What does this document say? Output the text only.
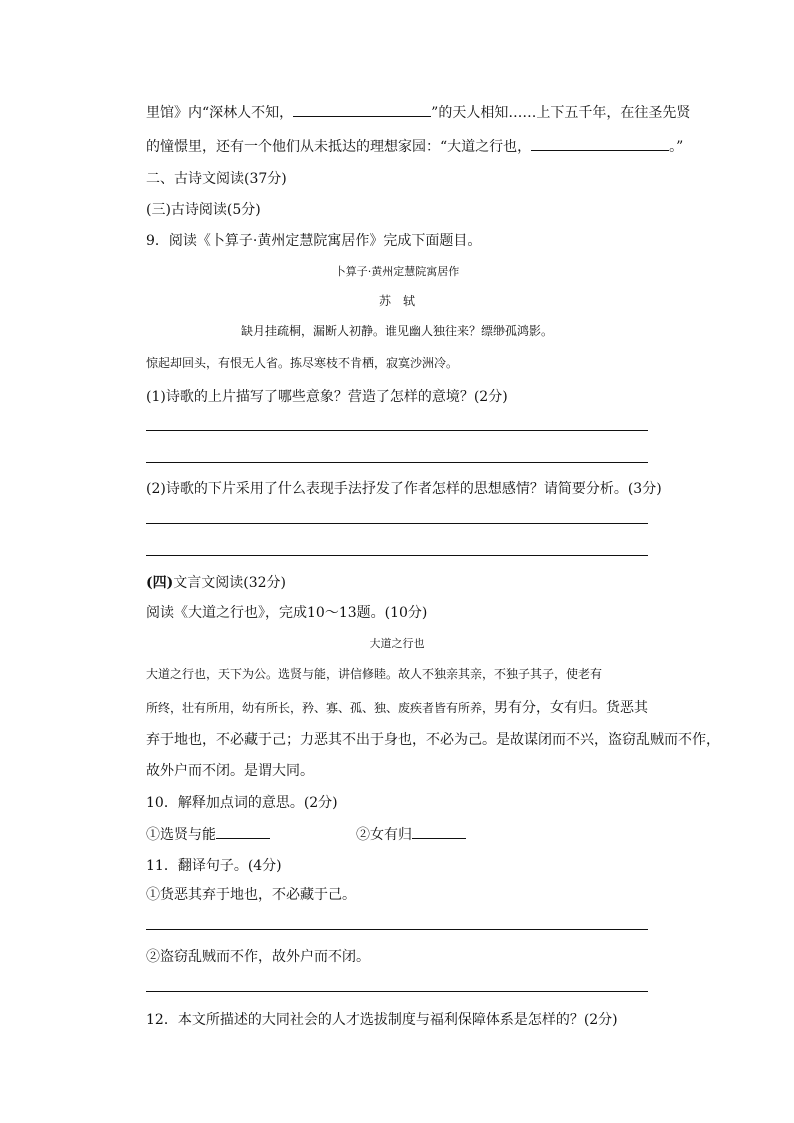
里馆》内“深林人不知，	”的天人相知……上下五千年，在往圣先贤
的憧憬里，还有一个他们从未抵达的理想家园：“大道之行也，	。”
二、古诗文阅读(37分)
(三)古诗阅读(5分)
9．阅读《卜算子·黄州定慧院寓居作》完成下面题目。
卜算子·黄州定慧院寓居作
苏　轼
缺月挂疏桐，漏断人初静。谁见幽人独往来？缥缈孤鸿影。
惊起却回头，有恨无人省。拣尽寒枝不肯栖，寂寞沙洲冷。
(1)诗歌的上片描写了哪些意象？营造了怎样的意境？(2分)
(2)诗歌的下片采用了什么表现手法抒发了作者怎样的思想感情？请简要分析。(3分)
(四)文言文阅读(32分)
阅读《大道之行也》，完成10～13题。(10分)
大道之行也
大道之行也，天下为公。选贤与能，讲信修睦。故人不独亲其亲，不独子其子，使老有
所终，壮有所用，幼有所长，矜、寡、孤、独、废疾者皆有所养，男有分，女有归。货恶其
弃于地也，不必藏于己；力恶其不出于身也，不必为己。是故谋闭而不兴，盗窃乱贼而不作，
故外户而不闭。是谓大同。
10．解释加点词的意思。(2分)
①选贤与能	②女有归
11．翻译句子。(4分)
①货恶其弃于地也，不必藏于己。
②盗窃乱贼而不作，故外户而不闭。
12．本文所描述的大同社会的人才选拔制度与福利保障体系是怎样的？(2分)
